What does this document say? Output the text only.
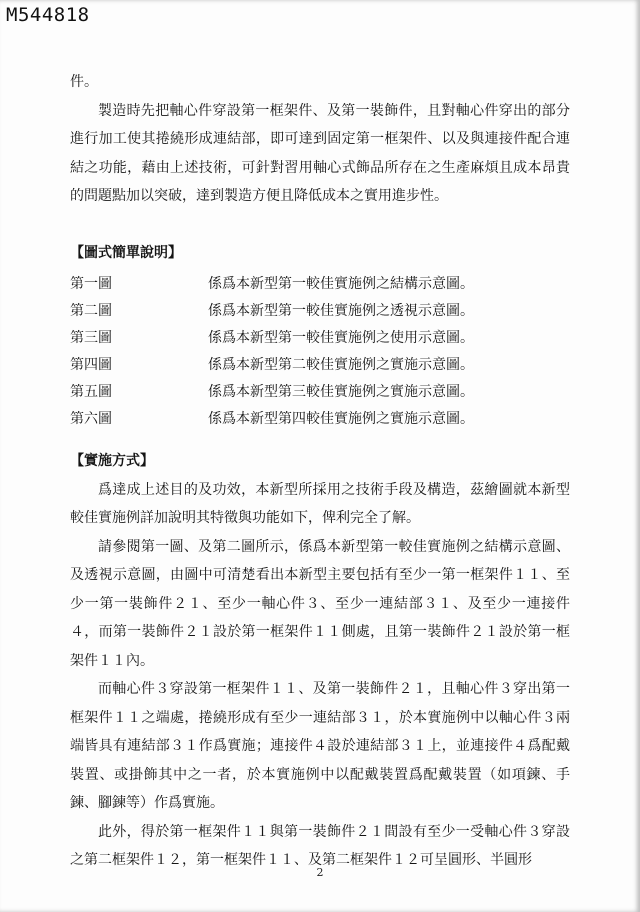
M544818

件。

製造時先把軸心件穿設第一框架件、及第一裝飾件，且對軸心件穿出的部分進行加工使其捲繞形成連結部，即可達到固定第一框架件、以及與連接件配合連結之功能，藉由上述技術，可針對習用軸心式飾品所存在之生產麻煩且成本昂貴的問題點加以突破，達到製造方便且降低成本之實用進步性。

【圖式簡單說明】

第一圖	係爲本新型第一較佳實施例之結構示意圖。
第二圖	係爲本新型第一較佳實施例之透視示意圖。
第三圖	係爲本新型第一較佳實施例之使用示意圖。
第四圖	係爲本新型第二較佳實施例之實施示意圖。
第五圖	係爲本新型第三較佳實施例之實施示意圖。
第六圖	係爲本新型第四較佳實施例之實施示意圖。

【實施方式】

爲達成上述目的及功效，本新型所採用之技術手段及構造，茲繪圖就本新型較佳實施例詳加說明其特徵與功能如下，俾利完全了解。

請參閱第一圖、及第二圖所示，係爲本新型第一較佳實施例之結構示意圖、及透視示意圖，由圖中可清楚看出本新型主要包括有至少一第一框架件１１、至少一第一裝飾件２１、至少一軸心件３、至少一連結部３１、及至少一連接件４，而第一裝飾件２１設於第一框架件１１側處，且第一裝飾件２１設於第一框架件１１內。

而軸心件３穿設第一框架件１１、及第一裝飾件２１，且軸心件３穿出第一框架件１１之端處，捲繞形成有至少一連結部３１，於本實施例中以軸心件３兩端皆具有連結部３１作爲實施；連接件４設於連結部３１上，並連接件４爲配戴裝置、或掛飾其中之一者，於本實施例中以配戴裝置爲配戴裝置（如項鍊、手鍊、腳鍊等）作爲實施。

此外，得於第一框架件１１與第一裝飾件２１間設有至少一受軸心件３穿設之第二框架件１２，第一框架件１１、及第二框架件１２可呈圓形、半圓形

2
